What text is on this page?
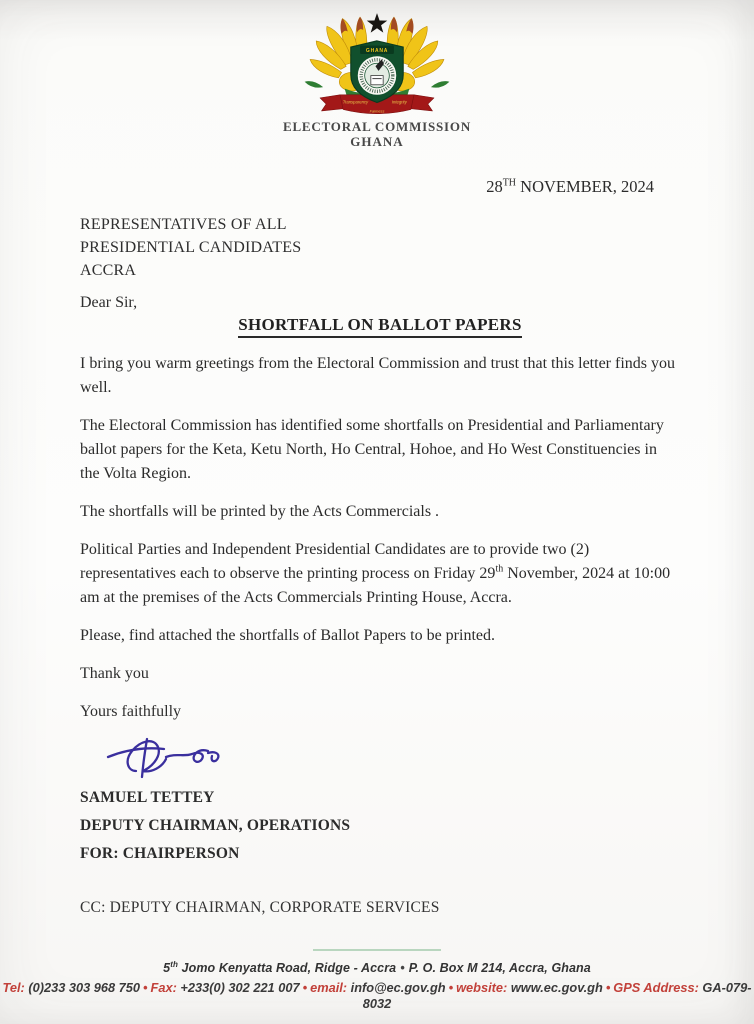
Transparency	Integrity
Fairness
GHANA
ELECTORAL COMMISSION
GHANA
28TH NOVEMBER, 2024
REPRESENTATIVES OF ALL
PRESIDENTIAL CANDIDATES
ACCRA

Dear Sir,

SHORTFALL ON BALLOT PAPERS

I bring you warm greetings from the Electoral Commission and trust that this letter finds you well.

The Electoral Commission has identified some shortfalls on Presidential and Parliamentary ballot papers for the Keta, Ketu North, Ho Central, Hohoe, and Ho West Constituencies in the Volta Region.

The shortfalls will be printed by the Acts Commercials .

Political Parties and Independent Presidential Candidates are to provide two (2) representatives each to observe the printing process on Friday 29th November, 2024 at 10:00 am at the premises of the Acts Commercials Printing House, Accra.

Please, find attached the shortfalls of Ballot Papers to be printed.

Thank you

Yours faithfully

SAMUEL TETTEY
DEPUTY CHAIRMAN, OPERATIONS
FOR: CHAIRPERSON

CC: DEPUTY CHAIRMAN, CORPORATE SERVICES

5th Jomo Kenyatta Road, Ridge - Accra • P. O. Box M 214, Accra, Ghana
Tel: (0)233 303 968 750 • Fax: +233(0) 302 221 007 • email: info@ec.gov.gh • website: www.ec.gov.gh • GPS Address: GA-079-8032
